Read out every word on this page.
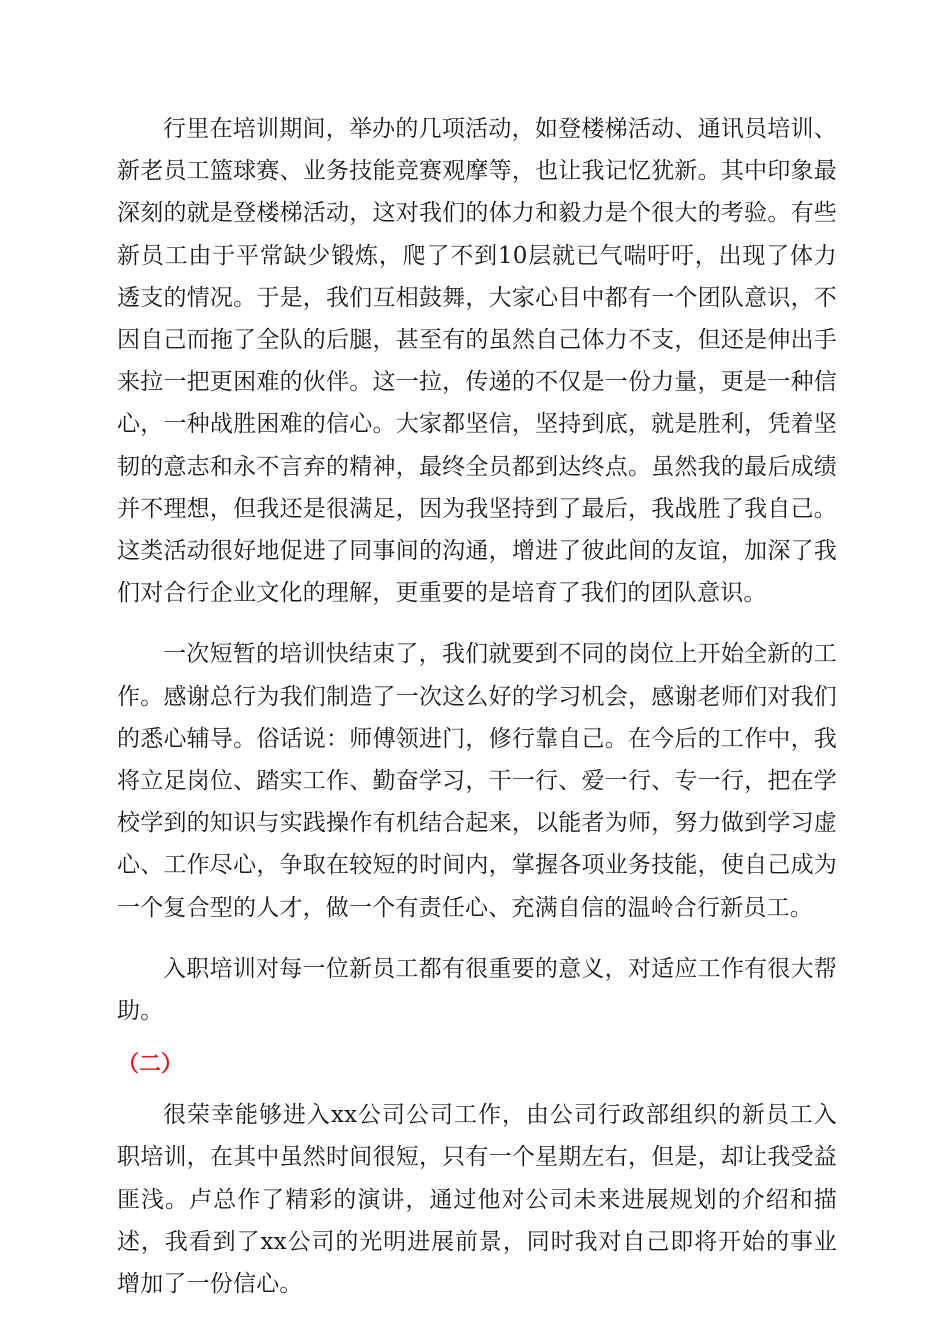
行里在培训期间，举办的几项活动，如登楼梯活动、通讯员培训、新老员工篮球赛、业务技能竞赛观摩等，也让我记忆犹新。其中印象最深刻的就是登楼梯活动，这对我们的体力和毅力是个很大的考验。有些新员工由于平常缺少锻炼，爬了不到10层就已气喘吁吁，出现了体力透支的情况。于是，我们互相鼓舞，大家心目中都有一个团队意识，不因自己而拖了全队的后腿，甚至有的虽然自己体力不支，但还是伸出手来拉一把更困难的伙伴。这一拉，传递的不仅是一份力量，更是一种信心，一种战胜困难的信心。大家都坚信，坚持到底，就是胜利，凭着坚韧的意志和永不言弃的精神，最终全员都到达终点。虽然我的最后成绩并不理想，但我还是很满足，因为我坚持到了最后，我战胜了我自己。这类活动很好地促进了同事间的沟通，增进了彼此间的友谊，加深了我们对合行企业文化的理解，更重要的是培育了我们的团队意识。

一次短暂的培训快结束了，我们就要到不同的岗位上开始全新的工作。感谢总行为我们制造了一次这么好的学习机会，感谢老师们对我们的悉心辅导。俗话说：师傅领进门，修行靠自己。在今后的工作中，我将立足岗位、踏实工作、勤奋学习，干一行、爱一行、专一行，把在学校学到的知识与实践操作有机结合起来，以能者为师，努力做到学习虚心、工作尽心，争取在较短的时间内，掌握各项业务技能，使自己成为一个复合型的人才，做一个有责任心、充满自信的温岭合行新员工。

入职培训对每一位新员工都有很重要的意义，对适应工作有很大帮助。

（二）

很荣幸能够进入xx公司公司工作，由公司行政部组织的新员工入职培训，在其中虽然时间很短，只有一个星期左右，但是，却让我受益匪浅。卢总作了精彩的演讲，通过他对公司未来进展规划的介绍和描述，我看到了xx公司的光明进展前景，同时我对自己即将开始的事业增加了一份信心。
